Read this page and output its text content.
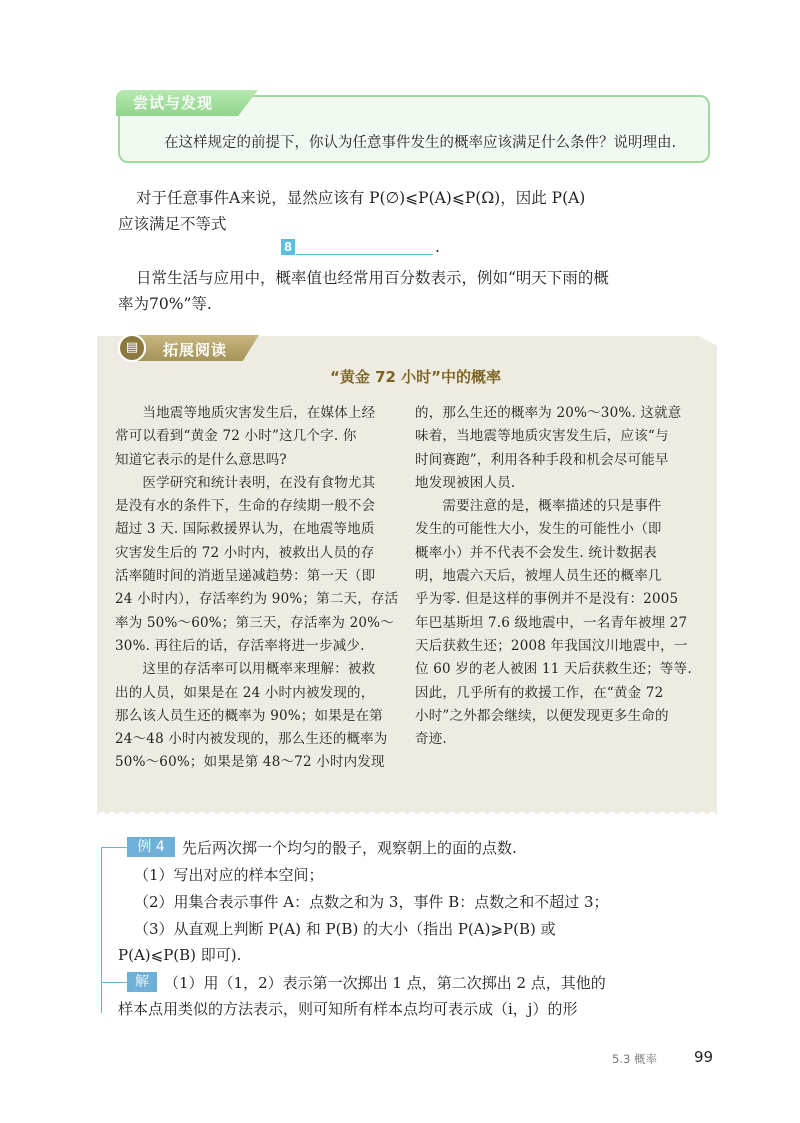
尝试与发现
在这样规定的前提下，你认为任意事件发生的概率应该满足什么条件？说明理由.
对于任意事件A来说，显然应该有 P(∅)⩽P(A)⩽P(Ω)，因此 P(A)
应该满足不等式
8	.
日常生活与应用中，概率值也经常用百分数表示，例如“明天下雨的概
率为70%”等.
▤	拓展阅读
“黄金 72 小时”中的概率
　　当地震等地质灾害发生后，在媒体上经
常可以看到“黄金 72 小时”这几个字. 你
知道它表示的是什么意思吗?
　　医学研究和统计表明，在没有食物尤其
是没有水的条件下，生命的存续期一般不会
超过 3 天. 国际救援界认为，在地震等地质
灾害发生后的 72 小时内，被救出人员的存
活率随时间的消逝呈递减趋势：第一天（即
24 小时内），存活率约为 90%；第二天，存活
率为 50%～60%；第三天，存活率为 20%～
30%. 再往后的话，存活率将进一步减少.
　　这里的存活率可以用概率来理解：被救
出的人员，如果是在 24 小时内被发现的，
那么该人员生还的概率为 90%；如果是在第
24～48 小时内被发现的，那么生还的概率为
50%～60%；如果是第 48～72 小时内发现
的，那么生还的概率为 20%～30%. 这就意
味着，当地震等地质灾害发生后，应该“与
时间赛跑”，利用各种手段和机会尽可能早
地发现被困人员.
　　需要注意的是，概率描述的只是事件
发生的可能性大小，发生的可能性小（即
概率小）并不代表不会发生. 统计数据表
明，地震六天后，被埋人员生还的概率几
乎为零. 但是这样的事例并不是没有：2005
年巴基斯坦 7.6 级地震中，一名青年被埋 27
天后获救生还；2008 年我国汶川地震中，一
位 60 岁的老人被困 11 天后获救生还；等等.
因此，几乎所有的救援工作，在“黄金 72
小时”之外都会继续，以便发现更多生命的
奇迹.
例 4	先后两次掷一个均匀的骰子，观察朝上的面的点数.
（1）写出对应的样本空间；
（2）用集合表示事件 A：点数之和为 3，事件 B：点数之和不超过 3；
（3）从直观上判断 P(A) 和 P(B) 的大小（指出 P(A)⩾P(B) 或
P(A)⩽P(B) 即可).
解	（1）用（1，2）表示第一次掷出 1 点，第二次掷出 2 点，其他的
样本点用类似的方法表示，则可知所有样本点均可表示成（i，j）的形
5.3 概率 99
